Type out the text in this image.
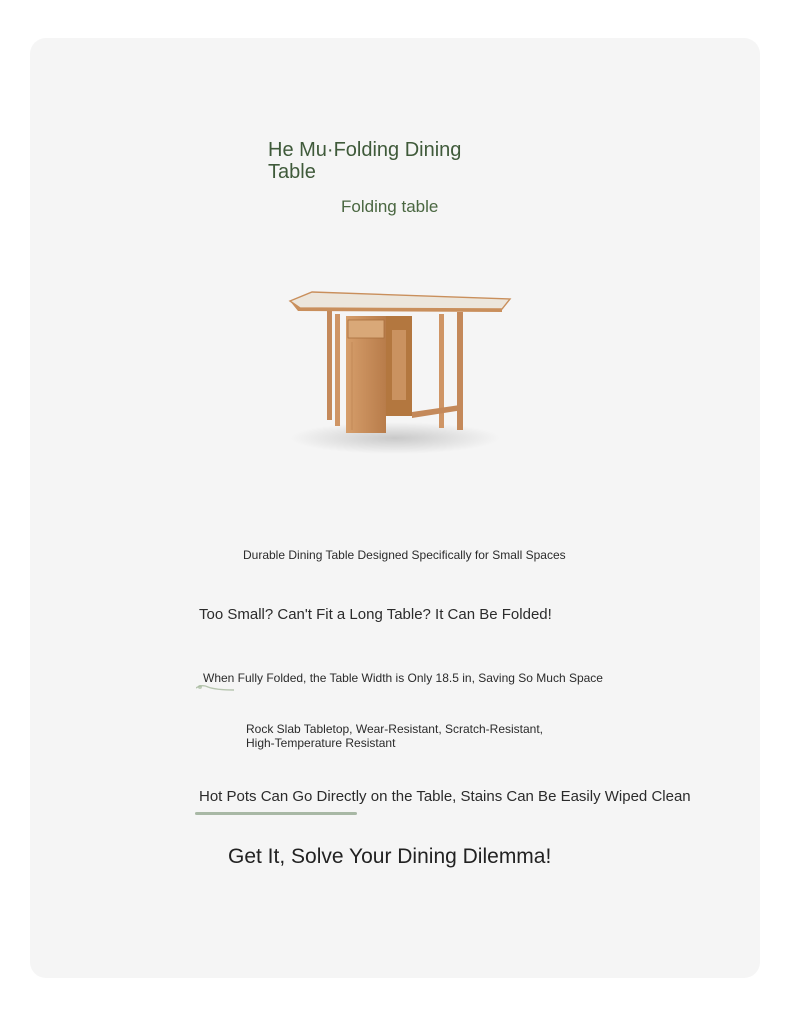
He Mu·Folding Dining Table

Folding table

Durable Dining Table Designed Specifically for Small Spaces

Too Small? Can't Fit a Long Table? It Can Be Folded!

When Fully Folded, the Table Width is Only 18.5 in, Saving So Much Space

Rock Slab Tabletop, Wear-Resistant, Scratch-Resistant, High-Temperature Resistant

Hot Pots Can Go Directly on the Table, Stains Can Be Easily Wiped Clean

Get It, Solve Your Dining Dilemma!
